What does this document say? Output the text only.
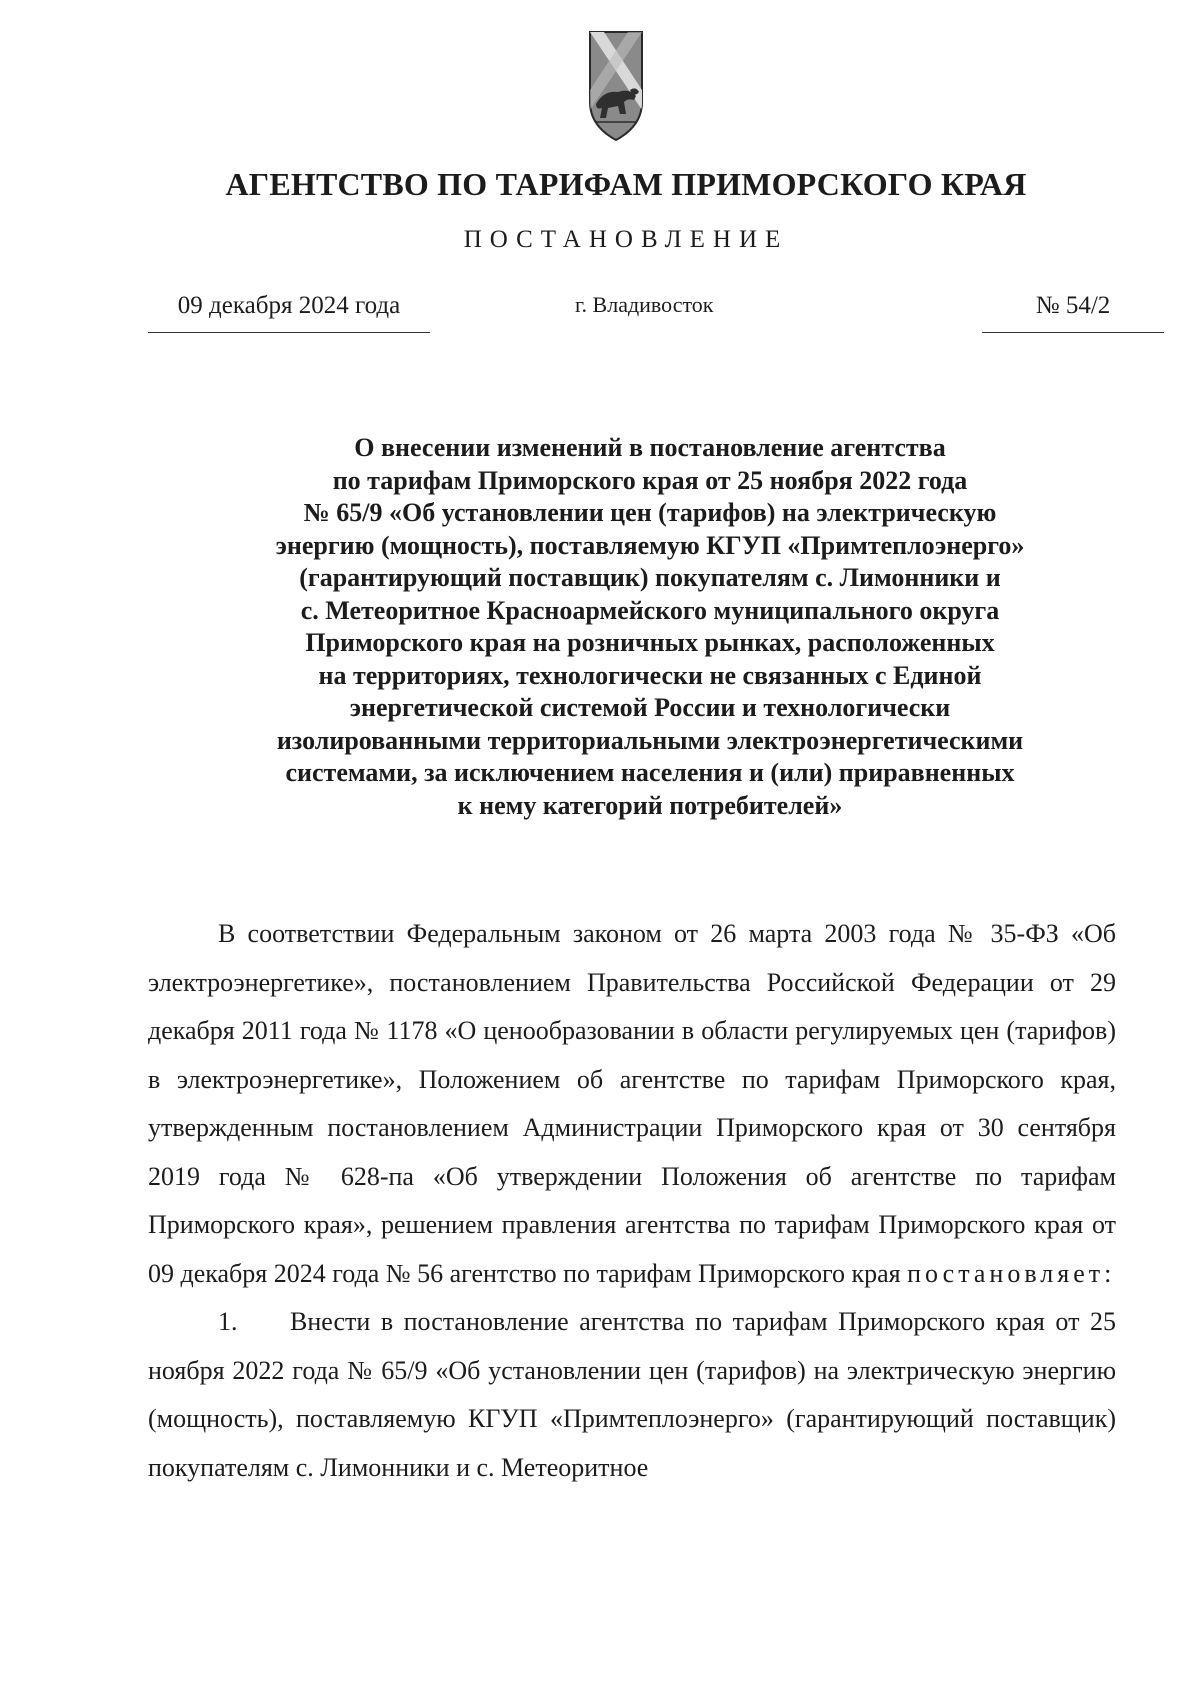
АГЕНТСТВО ПО ТАРИФАМ ПРИМОРСКОГО КРАЯ
ПОСТАНОВЛЕНИЕ
09 декабря 2024 года	г. Владивосток	№ 54/2
О внесении изменений в постановление агентства
по тарифам Приморского края от 25 ноября 2022 года
№ 65/9 «Об установлении цен (тарифов) на электрическую
энергию (мощность), поставляемую КГУП «Примтеплоэнерго»
(гарантирующий поставщик) покупателям с. Лимонники и
с. Метеоритное Красноармейского муниципального округа
Приморского края на розничных рынках, расположенных
на территориях, технологически не связанных с Единой
энергетической системой России и технологически
изолированными территориальными электроэнергетическими
системами, за исключением населения и (или) приравненных
к нему категорий потребителей»

В соответствии Федеральным законом от 26 марта 2003 года № 35-ФЗ «Об электроэнергетике», постановлением Правительства Российской Федерации от 29 декабря 2011 года № 1178 «О ценообразовании в области регулируемых цен (тарифов) в электроэнергетике», Положением об агентстве по тарифам Приморского края, утвержденным постановлением Администрации Приморского края от 30 сентября 2019 года № 628-па «Об утверждении Положения об агентстве по тарифам Приморского края», решением правления агентства по тарифам Приморского края от 09 декабря 2024 года № 56 агентство по тарифам Приморского края постановляет:

1. Внести в постановление агентства по тарифам Приморского края от 25 ноября 2022 года № 65/9 «Об установлении цен (тарифов) на электрическую энергию (мощность), поставляемую КГУП «Примтеплоэнерго» (гарантирующий поставщик) покупателям с. Лимонники и с. Метеоритное
